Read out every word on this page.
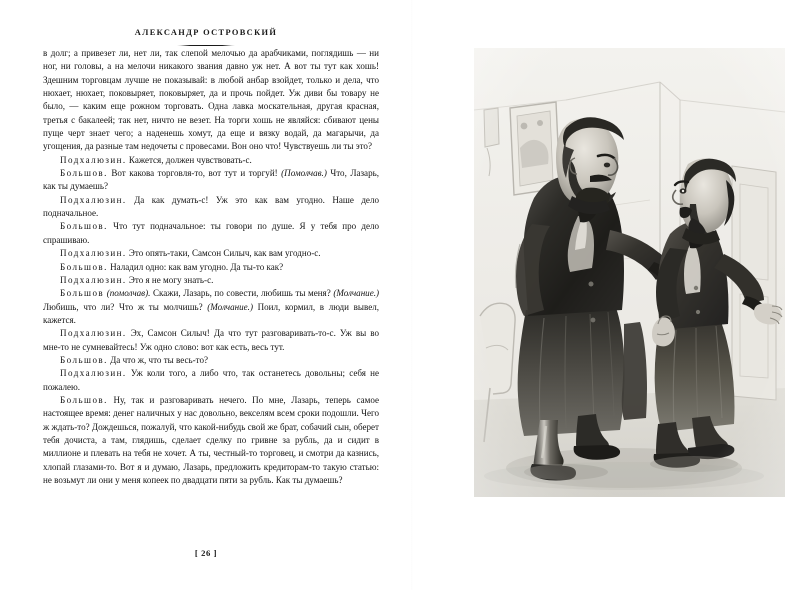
АЛЕКСАНДР ОСТРОВСКИЙ

в долг; а привезет ли, нет ли, так слепой мелочью да арабчиками, поглядишь — ни ног, ни головы, а на мелочи никакого звания давно уж нет. А вот ты тут как хошь! Здешним торговцам лучше не показывай: в любой анбар взойдет, только и дела, что нюхает, нюхает, поковыряет, поковыряет, да и прочь пойдет. Уж диви бы товару не было, — каким еще рожном торговать. Одна лавка москательная, другая красная, третья с бакалеей; так нет, ничто не везет. На торги хошь не являйся: сбивают цены пуще черт знает чего; а наденешь хомут, да еще и вязку водай, да магарычи, да угощения, да разные там недочеты с провесами. Вон оно что! Чувствуешь ли ты это?

Подхалюзин. Кажется, должен чувствовать-с.

Большов. Вот какова торговля-то, вот тут и торгуй! (Помолчав.) Что, Лазарь, как ты думаешь?

Подхалюзин. Да как думать-с! Уж это как вам угодно. Наше дело подначальное.

Большов. Что тут подначальное: ты говори по душе. Я у тебя про дело спрашиваю.

Подхалюзин. Это опять-таки, Самсон Силыч, как вам угодно-с.

Большов. Наладил одно: как вам угодно. Да ты-то как?

Подхалюзин. Это я не могу знать-с.

Большов (помолчав). Скажи, Лазарь, по совести, любишь ты меня? (Молчание.) Любишь, что ли? Что ж ты молчишь? (Молчание.) Поил, кормил, в люди вывел, кажется.

Подхалюзин. Эх, Самсон Силыч! Да что тут разговаривать-то-с. Уж вы во мне-то не сумневайтесь! Уж одно слово: вот как есть, весь тут.

Большов. Да что ж, что ты весь-то?

Подхалюзин. Уж коли того, а либо что, так останетесь довольны; себя не пожалею.

Большов. Ну, так и разговаривать нечего. По мне, Лазарь, теперь самое настоящее время: денег наличных у нас довольно, векселям всем сроки подошли. Чего ж ждать-то? Дождешься, пожалуй, что какой-нибудь свой же брат, собачий сын, оберет тебя дочиста, а там, глядишь, сделает сделку по гривне за рубль, да и сидит в миллионе и плевать на тебя не хочет. А ты, честный-то торговец, и смотри да казнись, хлопай глазами-то. Вот я и думаю, Лазарь, предложить кредиторам-то такую статью: не возьмут ли они у меня копеек по двадцати пяти за рубль. Как ты думаешь?

[ 26 ]
